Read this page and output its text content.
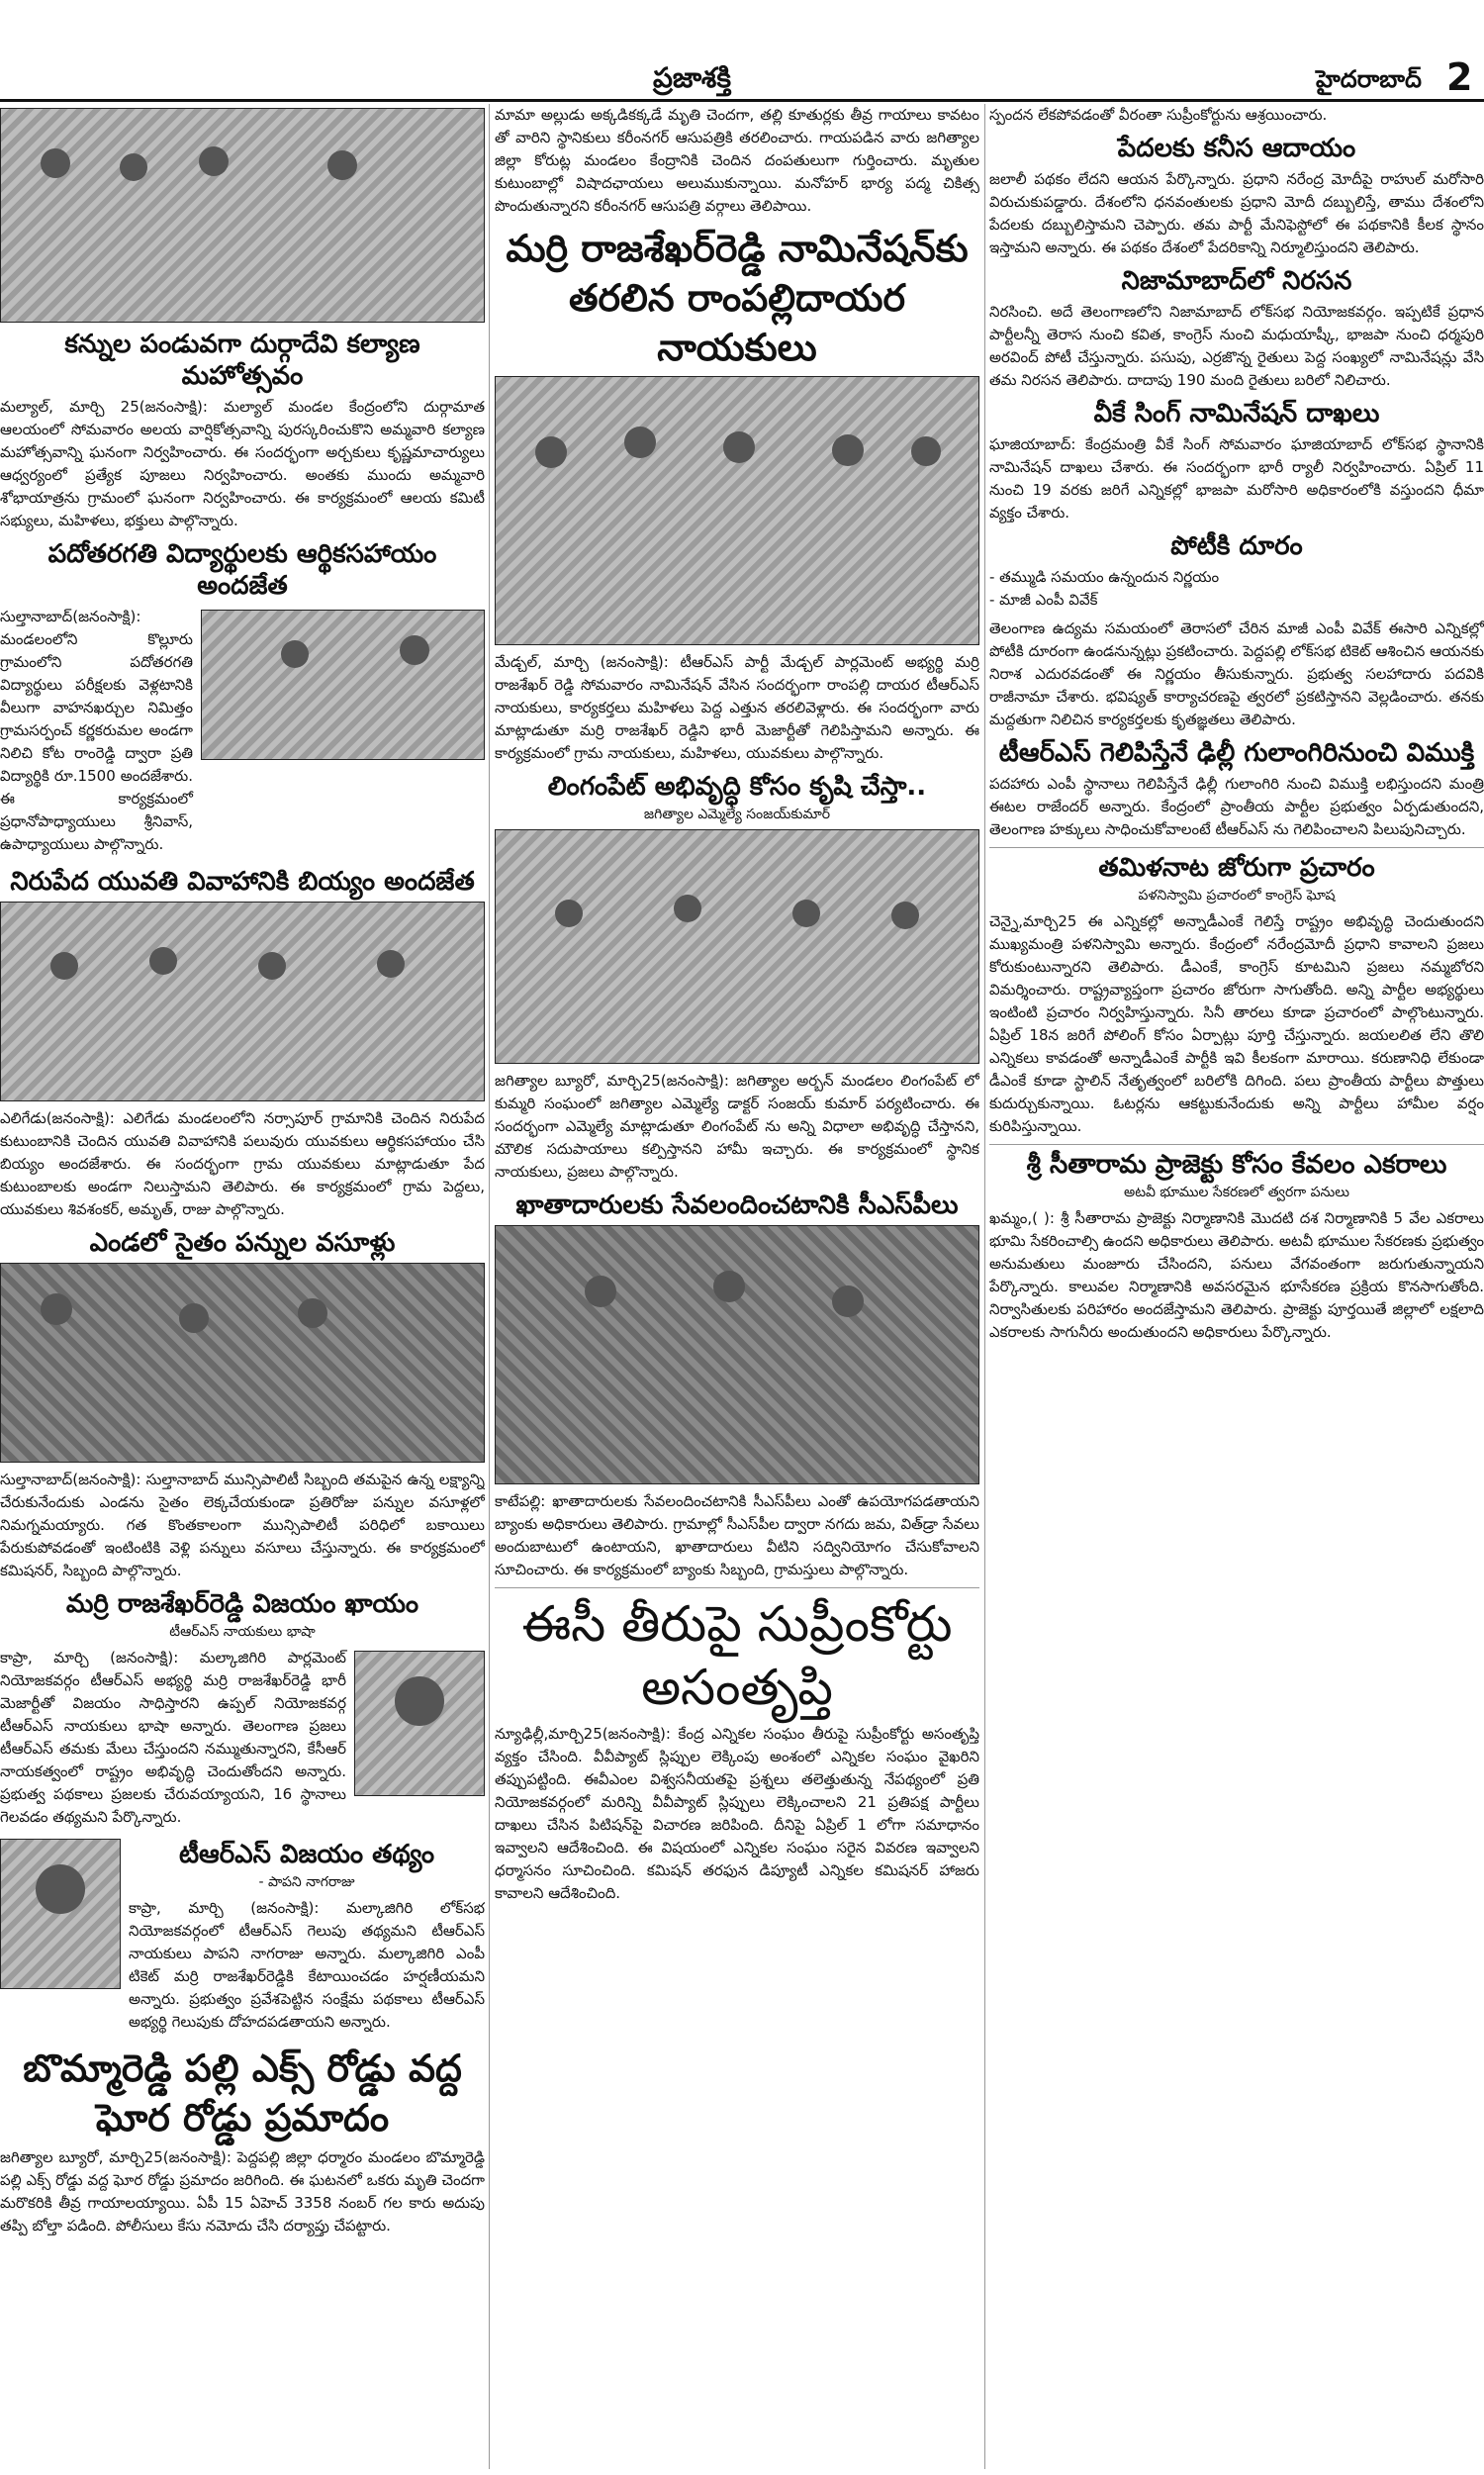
ప్రజాశక్తి	హైదరాబాద్ 2
కన్నుల పండువగా దుర్గాదేవి కల్యాణ మహోత్సవం

మల్యాల్, మార్చి 25(జనంసాక్షి): మల్యాల్ మండల కేంద్రంలోని దుర్గామాత ఆలయంలో సోమవారం అలయ వార్షికోత్సవాన్ని పురస్కరించుకొని అమ్మవారి కల్యాణ మహోత్సవాన్ని ఘనంగా నిర్వహించారు. ఈ సందర్భంగా అర్చకులు కృష్ణమాచార్యులు ఆధ్వర్యంలో ప్రత్యేక పూజలు నిర్వహించారు. అంతకు ముందు అమ్మవారి శోభాయాత్రను గ్రామంలో ఘనంగా నిర్వహించారు. ఈ కార్యక్రమంలో ఆలయ కమిటీ సభ్యులు, మహిళలు, భక్తులు పాల్గొన్నారు.

పదోతరగతి విద్యార్థులకు ఆర్థికసహాయం అందజేత

సుల్తానాబాద్(జనంసాక్షి): మండలంలోని కొల్లూరు గ్రామంలోని పదోతరగతి విద్యార్థులు పరీక్షలకు వెళ్లటానికి వీలుగా వాహనఖర్చుల నిమిత్తం గ్రామసర్పంచ్ కర్ణకరుమల అండగా నిలిచి కోట రాంరెడ్డి ద్వారా ప్రతి విద్యార్థికి రూ.1500 అందజేశారు. ఈ కార్యక్రమంలో ప్రధానోపాధ్యాయులు శ్రీనివాస్, ఉపాధ్యాయులు పాల్గొన్నారు.

నిరుపేద యువతి వివాహానికి బియ్యం అందజేత

ఎలిగేడు(జనంసాక్షి): ఎలిగేడు మండలంలోని నర్సాపూర్ గ్రామానికి చెందిన నిరుపేద కుటుంబానికి చెందిన యువతి వివాహానికి పలువురు యువకులు ఆర్థికసహాయం చేసి బియ్యం అందజేశారు. ఈ సందర్భంగా గ్రామ యువకులు మాట్లాడుతూ పేద కుటుంబాలకు అండగా నిలుస్తామని తెలిపారు. ఈ కార్యక్రమంలో గ్రామ పెద్దలు, యువకులు శివశంకర్, అమృత్, రాజు పాల్గొన్నారు.

ఎండలో సైతం పన్నుల వసూళ్లు

సుల్తానాబాద్(జనంసాక్షి): సుల్తానాబాద్ మున్సిపాలిటీ సిబ్బంది తమపైన ఉన్న లక్ష్యాన్ని చేరుకునేందుకు ఎండను సైతం లెక్కచేయకుండా ప్రతిరోజు పన్నుల వసూళ్లలో నిమగ్నమయ్యారు. గత కొంతకాలంగా మున్సిపాలిటీ పరిధిలో బకాయిలు పేరుకుపోవడంతో ఇంటింటికి వెళ్లి పన్నులు వసూలు చేస్తున్నారు. ఈ కార్యక్రమంలో కమిషనర్, సిబ్బంది పాల్గొన్నారు.

మర్రి రాజశేఖర్‌రెడ్డి విజయం ఖాయం
టీఆర్‌ఎస్ నాయకులు భాషా

కాప్రా, మార్చి (జనంసాక్షి): మల్కాజిగిరి పార్లమెంట్ నియోజకవర్గం టీఆర్‌ఎస్ అభ్యర్థి మర్రి రాజశేఖర్‌రెడ్డి భారీ మెజార్టీతో విజయం సాధిస్తారని ఉప్పల్ నియోజకవర్గ టీఆర్‌ఎస్ నాయకులు భాషా అన్నారు. తెలంగాణ ప్రజలు టీఆర్‌ఎస్ తమకు మేలు చేస్తుందని నమ్ముతున్నారని, కేసీఆర్ నాయకత్వంలో రాష్ట్రం అభివృద్ధి చెందుతోందని అన్నారు. ప్రభుత్వ పథకాలు ప్రజలకు చేరువయ్యాయని, 16 స్థానాలు గెలవడం తథ్యమని పేర్కొన్నారు.

టీఆర్‌ఎస్ విజయం తథ్యం
- పాపని నాగరాజు

కాప్రా, మార్చి (జనంసాక్షి): మల్కాజిగిరి లోక్‌సభ నియోజకవర్గంలో టీఆర్‌ఎస్ గెలుపు తథ్యమని టీఆర్‌ఎస్ నాయకులు పాపని నాగరాజు అన్నారు. మల్కాజిగిరి ఎంపీ టికెట్ మర్రి రాజశేఖర్‌రెడ్డికి కేటాయించడం హర్షణీయమని అన్నారు. ప్రభుత్వం ప్రవేశపెట్టిన సంక్షేమ పథకాలు టీఆర్‌ఎస్ అభ్యర్థి గెలుపుకు దోహదపడతాయని అన్నారు.

బొమ్మారెడ్డి పల్లి ఎక్స్ రోడ్డు వద్ద ఘోర రోడ్డు ప్రమాదం

జగిత్యాల బ్యూరో, మార్చి25(జనంసాక్షి): పెద్దపల్లి జిల్లా ధర్మారం మండలం బొమ్మారెడ్డి పల్లి ఎక్స్ రోడ్డు వద్ద ఘోర రోడ్డు ప్రమాదం జరిగింది. ఈ ఘటనలో ఒకరు మృతి చెందగా మరొకరికి తీవ్ర గాయాలయ్యాయి. ఏపీ 15 ఏహెచ్ 3358 నంబర్ గల కారు అదుపు తప్పి బోల్తా పడింది. పోలీసులు కేసు నమోదు చేసి దర్యాప్తు చేపట్టారు.

మామా అల్లుడు అక్కడికక్కడే మృతి చెందగా, తల్లి కూతుర్లకు తీవ్ర గాయాలు కావటం తో వారిని స్థానికులు కరీంనగర్ ఆసుపత్రికి తరలించారు. గాయపడిన వారు జగిత్యాల జిల్లా కోరుట్ల మండలం కేంద్రానికి చెందిన దంపతులుగా గుర్తించారు. మృతుల కుటుంబాల్లో విషాదఛాయలు అలుముకున్నాయి. మనోహర్ భార్య పద్మ చికిత్స పొందుతున్నారని కరీంనగర్ ఆసుపత్రి వర్గాలు తెలిపాయి.

మర్రి రాజశేఖర్‌రెడ్డి నామినేషన్‌కు తరలిన రాంపల్లిదాయర నాయకులు

మేడ్చల్, మార్చి (జనంసాక్షి): టీఆర్‌ఎస్ పార్టీ మేడ్చల్ పార్లమెంట్ అభ్యర్థి మర్రి రాజశేఖర్ రెడ్డి సోమవారం నామినేషన్ వేసిన సందర్భంగా రాంపల్లి దాయర టీఆర్‌ఎస్ నాయకులు, కార్యకర్తలు మహిళలు పెద్ద ఎత్తున తరలివెళ్లారు. ఈ సందర్భంగా వారు మాట్లాడుతూ మర్రి రాజశేఖర్ రెడ్డిని భారీ మెజార్టీతో గెలిపిస్తామని అన్నారు. ఈ కార్యక్రమంలో గ్రామ నాయకులు, మహిళలు, యువకులు పాల్గొన్నారు.

లింగంపేట్ అభివృద్ధి కోసం కృషి చేస్తా..
జగిత్యాల ఎమ్మెల్యే సంజయ్‌కుమార్

జగిత్యాల బ్యూరో, మార్చి25(జనంసాక్షి): జగిత్యాల అర్బన్ మండలం లింగంపేట్ లో కుమ్మరి సంఘంలో జగిత్యాల ఎమ్మెల్యే డాక్టర్ సంజయ్ కుమార్ పర్యటించారు. ఈ సందర్భంగా ఎమ్మెల్యే మాట్లాడుతూ లింగంపేట్ ను అన్ని విధాలా అభివృద్ధి చేస్తానని, మౌలిక సదుపాయాలు కల్పిస్తానని హామీ ఇచ్చారు. ఈ కార్యక్రమంలో స్థానిక నాయకులు, ప్రజలు పాల్గొన్నారు.

ఖాతాదారులకు సేవలందించటానికి సీఎస్‌పీలు

కాటేపల్లి: ఖాతాదారులకు సేవలందించటానికి సీఎస్‌పీలు ఎంతో ఉపయోగపడతాయని బ్యాంకు అధికారులు తెలిపారు. గ్రామాల్లో సీఎస్‌పీల ద్వారా నగదు జమ, విత్‌డ్రా సేవలు అందుబాటులో ఉంటాయని, ఖాతాదారులు వీటిని సద్వినియోగం చేసుకోవాలని సూచించారు. ఈ కార్యక్రమంలో బ్యాంకు సిబ్బంది, గ్రామస్తులు పాల్గొన్నారు.

ఈసీ తీరుపై సుప్రీంకోర్టు అసంతృప్తి

న్యూఢిల్లీ,మార్చి25(జనంసాక్షి): కేంద్ర ఎన్నికల సంఘం తీరుపై సుప్రీంకోర్టు అసంతృప్తి వ్యక్తం చేసింది. వీవీప్యాట్ స్లిప్పుల లెక్కింపు అంశంలో ఎన్నికల సంఘం వైఖరిని తప్పుపట్టింది. ఈవీఎంల విశ్వసనీయతపై ప్రశ్నలు తలెత్తుతున్న నేపథ్యంలో ప్రతి నియోజకవర్గంలో మరిన్ని వీవీప్యాట్ స్లిప్పులు లెక్కించాలని 21 ప్రతిపక్ష పార్టీలు దాఖలు చేసిన పిటిషన్‌పై విచారణ జరిపింది. దీనిపై ఏప్రిల్ 1 లోగా సమాధానం ఇవ్వాలని ఆదేశించింది. ఈ విషయంలో ఎన్నికల సంఘం సరైన వివరణ ఇవ్వాలని ధర్మాసనం సూచించింది. కమిషన్ తరఫున డిప్యూటీ ఎన్నికల కమిషనర్ హాజరు కావాలని ఆదేశించింది.

స్పందన లేకపోవడంతో వీరంతా సుప్రీంకోర్టును ఆశ్రయించారు.

పేదలకు కనీస ఆదాయం

జలాలీ పథకం లేదని ఆయన పేర్కొన్నారు. ప్రధాని నరేంద్ర మోదీపై రాహుల్ మరోసారి విరుచుకుపడ్డారు. దేశంలోని ధనవంతులకు ప్రధాని మోదీ దబ్బులిస్తే, తాము దేశంలోని పేదలకు దబ్బులిస్తామని చెప్పారు. తమ పార్టీ మేనిఫెస్టోలో ఈ పథకానికి కీలక స్థానం ఇస్తామని అన్నారు. ఈ పథకం దేశంలో పేదరికాన్ని నిర్మూలిస్తుందని తెలిపారు.

నిజామాబాద్‌లో నిరసన

నిరసించి. అదే తెలంగాణలోని నిజామాబాద్ లోక్‌సభ నియోజకవర్గం. ఇప్పటికే ప్రధాన పార్టీలన్నీ తెరాస నుంచి కవిత, కాంగ్రెస్ నుంచి మధుయాష్కీ, భాజపా నుంచి ధర్మపురి అరవింద్ పోటీ చేస్తున్నారు. పసుపు, ఎర్రజొన్న రైతులు పెద్ద సంఖ్యలో నామినేషన్లు వేసి తమ నిరసన తెలిపారు. దాదాపు 190 మంది రైతులు బరిలో నిలిచారు.

వీకే సింగ్ నామినేషన్ దాఖలు

ఘాజియాబాద్: కేంద్రమంత్రి వీకే సింగ్ సోమవారం ఘాజియాబాద్ లోక్‌సభ స్థానానికి నామినేషన్ దాఖలు చేశారు. ఈ సందర్భంగా భారీ ర్యాలీ నిర్వహించారు. ఏప్రిల్ 11 నుంచి 19 వరకు జరిగే ఎన్నికల్లో భాజపా మరోసారి అధికారంలోకి వస్తుందని ధీమా వ్యక్తం చేశారు.

పోటీకి దూరం
- తమ్ముడి సమయం ఉన్నందున నిర్ణయం
- మాజీ ఎంపీ వివేక్

తెలంగాణ ఉద్యమ సమయంలో తెరాసలో చేరిన మాజీ ఎంపీ వివేక్ ఈసారి ఎన్నికల్లో పోటీకి దూరంగా ఉండనున్నట్లు ప్రకటించారు. పెద్దపల్లి లోక్‌సభ టికెట్ ఆశించిన ఆయనకు నిరాశ ఎదురవడంతో ఈ నిర్ణయం తీసుకున్నారు. ప్రభుత్వ సలహాదారు పదవికి రాజీనామా చేశారు. భవిష్యత్ కార్యాచరణపై త్వరలో ప్రకటిస్తానని వెల్లడించారు. తనకు మద్దతుగా నిలిచిన కార్యకర్తలకు కృతజ్ఞతలు తెలిపారు.

టీఆర్‌ఎస్ గెలిపిస్తేనే ఢిల్లీ గులాంగిరినుంచి విముక్తి

పదహారు ఎంపీ స్థానాలు గెలిపిస్తేనే ఢిల్లీ గులాంగిరి నుంచి విముక్తి లభిస్తుందని మంత్రి ఈటల రాజేందర్ అన్నారు. కేంద్రంలో ప్రాంతీయ పార్టీల ప్రభుత్వం ఏర్పడుతుందని, తెలంగాణ హక్కులు సాధించుకోవాలంటే టీఆర్‌ఎస్ ను గెలిపించాలని పిలుపునిచ్చారు.

తమిళనాట జోరుగా ప్రచారం
పళనిస్వామి ప్రచారంలో కాంగ్రెస్ ఘోష

చెన్నై,మార్చి25 ఈ ఎన్నికల్లో అన్నాడీఎంకే గెలిస్తే రాష్ట్రం అభివృద్ధి చెందుతుందని ముఖ్యమంత్రి పళనిస్వామి అన్నారు. కేంద్రంలో నరేంద్రమోదీ ప్రధాని కావాలని ప్రజలు కోరుకుంటున్నారని తెలిపారు. డీఎంకే, కాంగ్రెస్ కూటమిని ప్రజలు నమ్మబోరని విమర్శించారు. రాష్ట్రవ్యాప్తంగా ప్రచారం జోరుగా సాగుతోంది. అన్ని పార్టీల అభ్యర్థులు ఇంటింటి ప్రచారం నిర్వహిస్తున్నారు. సినీ తారలు కూడా ప్రచారంలో పాల్గొంటున్నారు. ఏప్రిల్ 18న జరిగే పోలింగ్ కోసం ఏర్పాట్లు పూర్తి చేస్తున్నారు. జయలలిత లేని తొలి ఎన్నికలు కావడంతో అన్నాడీఎంకే పార్టీకి ఇవి కీలకంగా మారాయి. కరుణానిధి లేకుండా డీఎంకే కూడా స్టాలిన్ నేతృత్వంలో బరిలోకి దిగింది. పలు ప్రాంతీయ పార్టీలు పొత్తులు కుదుర్చుకున్నాయి. ఓటర్లను ఆకట్టుకునేందుకు అన్ని పార్టీలు హామీల వర్షం కురిపిస్తున్నాయి.

శ్రీ సీతారామ ప్రాజెక్టు కోసం కేవలం ఎకరాలు
అటవీ భూముల సేకరణలో త్వరగా పనులు

ఖమ్మం,( ): శ్రీ సీతారామ ప్రాజెక్టు నిర్మాణానికి మొదటి దశ నిర్మాణానికి 5 వేల ఎకరాలు భూమి సేకరించాల్సి ఉందని అధికారులు తెలిపారు. అటవీ భూముల సేకరణకు ప్రభుత్వం అనుమతులు మంజూరు చేసిందని, పనులు వేగవంతంగా జరుగుతున్నాయని పేర్కొన్నారు. కాలువల నిర్మాణానికి అవసరమైన భూసేకరణ ప్రక్రియ కొనసాగుతోంది. నిర్వాసితులకు పరిహారం అందజేస్తామని తెలిపారు. ప్రాజెక్టు పూర్తయితే జిల్లాలో లక్షలాది ఎకరాలకు సాగునీరు అందుతుందని అధికారులు పేర్కొన్నారు.
